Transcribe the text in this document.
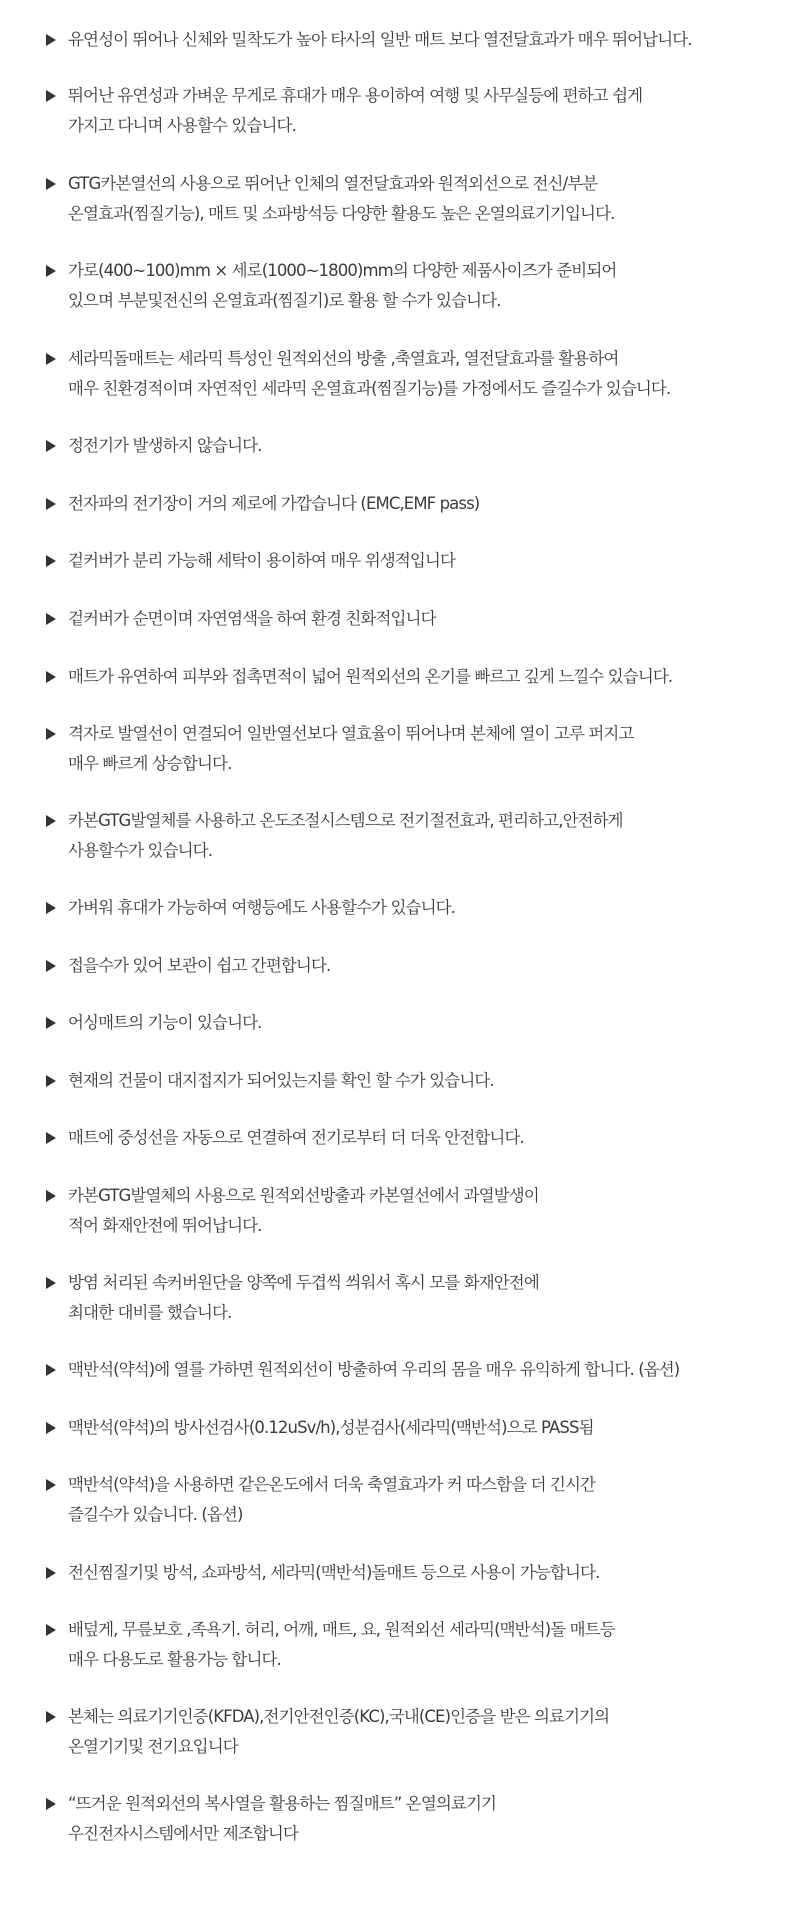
유연성이 뛰어나 신체와 밀착도가 높아 타사의 일반 매트 보다 열전달효과가 매우 뛰어납니다.
뛰어난 유연성과 가벼운 무게로 휴대가 매우 용이하여 여행 및 사무실등에 편하고 쉽게
가지고 다니며 사용할수 있습니다.
GTG카본열선의 사용으로 뛰어난 인체의 열전달효과와 원적외선으로 전신/부분
온열효과(찜질기능), 매트 및 소파방석등 다양한 활용도 높은 온열의료기기입니다.
가로(400∼100)mm × 세로(1000∼1800)mm의 다양한 제품사이즈가 준비되어
있으며 부분및전신의 온열효과(찜질기)로 활용 할 수가 있습니다.
세라믹돌매트는 세라믹 특성인 원적외선의 방출 ,축열효과, 열전달효과를 활용하여
매우 친환경적이며 자연적인 세라믹 온열효과(찜질기능)를 가정에서도 즐길수가 있습니다.
정전기가 발생하지 않습니다.
전자파의 전기장이 거의 제로에 가깝습니다 (EMC,EMF pass)
겉커버가 분리 가능해 세탁이 용이하여 매우 위생적입니다
겉커버가 순면이며 자연염색을 하여 환경 친화적입니다
매트가 유연하여 피부와 접촉면적이 넓어 원적외선의 온기를 빠르고 깊게 느낄수 있습니다.
격자로 발열선이 연결되어 일반열선보다 열효율이 뛰어나며 본체에 열이 고루 퍼지고
매우 빠르게 상승합니다.
카본GTG발열체를 사용하고 온도조절시스템으로 전기절전효과, 편리하고,안전하게
사용할수가 있습니다.
가벼워 휴대가 가능하여 여행등에도 사용할수가 있습니다.
접을수가 있어 보관이 쉽고 간편합니다.
어싱매트의 기능이 있습니다.
현재의 건물이 대지접지가 되어있는지를 확인 할 수가 있습니다.
매트에 중성선을 자동으로 연결하여 전기로부터 더 더욱 안전합니다.
카본GTG발열체의 사용으로 원적외선방출과 카본열선에서 과열발생이
적어 화재안전에 뛰어납니다.
방염 처리된 속커버원단을 양쪽에 두겹씩 씌워서 혹시 모를 화재안전에
최대한 대비를 했습니다.
맥반석(약석)에 열를 가하면 원적외선이 방출하여 우리의 몸을 매우 유익하게 합니다. (옵션)
맥반석(약석)의 방사선검사(0.12uSv/h),성분검사(세라믹(맥반석)으로 PASS됨
맥반석(약석)을 사용하면 같은온도에서 더욱 축열효과가 커 따스함을 더 긴시간
즐길수가 있습니다. (옵션)
전신찜질기및 방석, 쇼파방석, 세라믹(맥반석)돌매트 등으로 사용이 가능합니다.
배덮게, 무릎보호 ,족욕기. 허리, 어깨, 매트, 요, 원적외선 세라믹(맥반석)돌 매트등
매우 다용도로 활용가능 합니다.
본체는 의료기기인증(KFDA),전기안전인증(KC),국내(CE)인증을 받은 의료기기의
온열기기및 전기요입니다
“뜨거운 원적외선의 복사열을 활용하는 찜질매트” 온열의료기기
우진전자시스템에서만 제조합니다
